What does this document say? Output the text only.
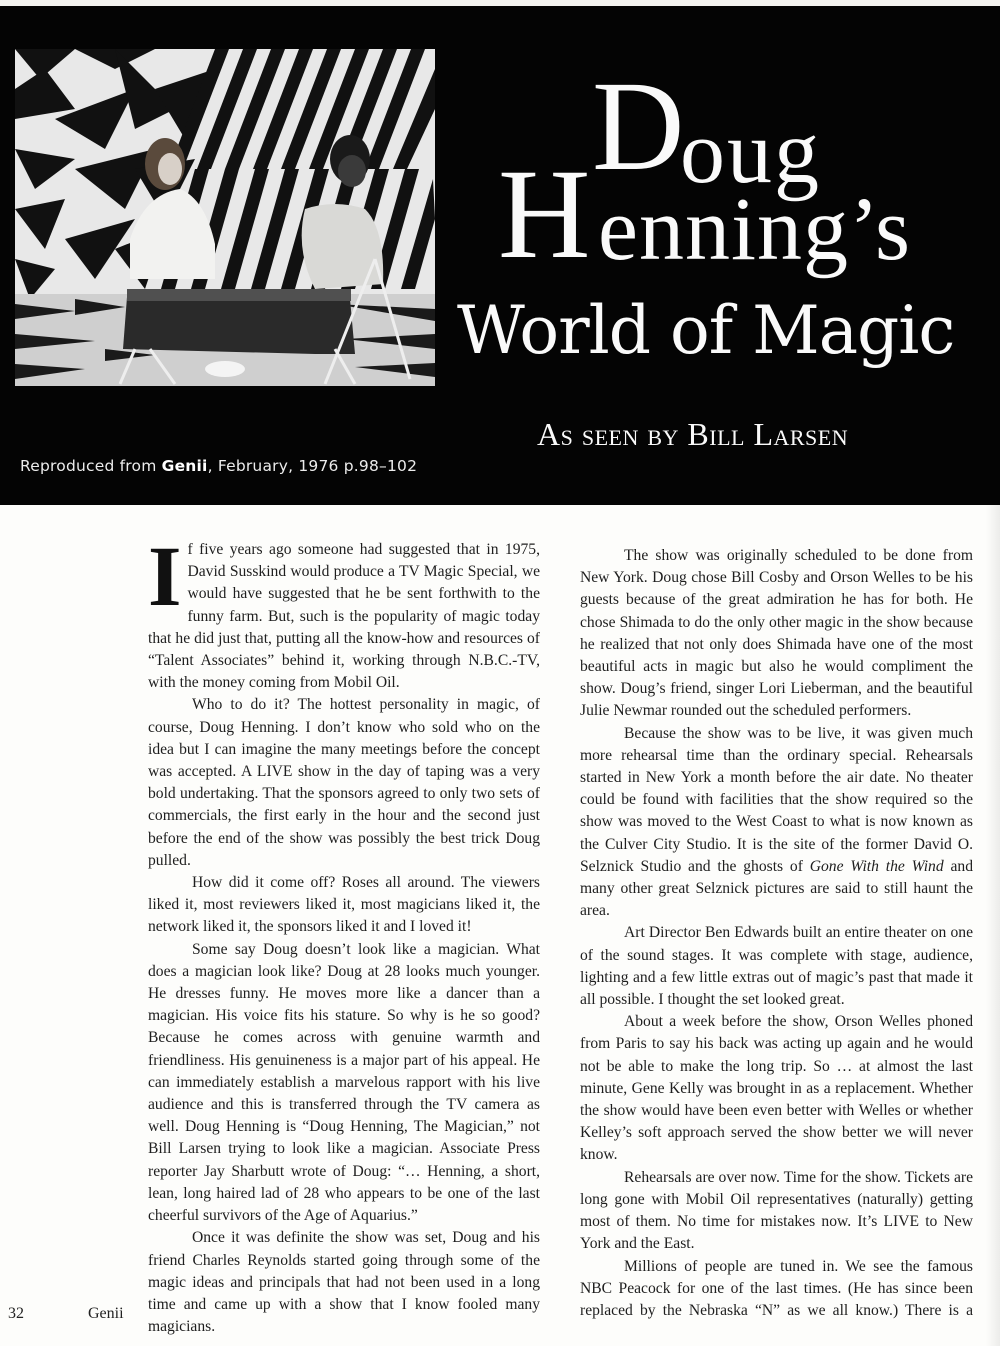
D
oug
H enning’s
World of Magic
As seen by Bill Larsen
Reproduced from Genii, February, 1976 p.98–102

If five years ago someone had suggested that in 1975, David Susskind would produce a TV Magic Special, we would have suggested that he be sent forthwith to the funny farm. But, such is the popularity of magic today that he did just that, putting all the know-how and resources of “Talent Associates” behind it, working through N.B.C.-TV, with the money coming from Mobil Oil.

Who to do it? The hottest personality in magic, of course, Doug Henning. I don’t know who sold who on the idea but I can imagine the many meetings before the concept was accepted. A LIVE show in the day of taping was a very bold undertaking. That the sponsors agreed to only two sets of commercials, the first early in the hour and the second just before the end of the show was possibly the best trick Doug pulled.

How did it come off? Roses all around. The viewers liked it, most reviewers liked it, most magicians liked it, the network liked it, the sponsors liked it and I loved it!

Some say Doug doesn’t look like a magician. What does a magician look like? Doug at 28 looks much younger. He dresses funny. He moves more like a dancer than a magician. His voice fits his stature. So why is he so good? Because he comes across with genuine warmth and friendliness. His genuineness is a major part of his appeal. He can immediately establish a marvelous rapport with his live audience and this is transferred through the TV camera as well. Doug Henning is “Doug Henning, The Magician,” not Bill Larsen trying to look like a magician. Associate Press reporter Jay Sharbutt wrote of Doug: “… Henning, a short, lean, long haired lad of 28 who appears to be one of the last cheerful survivors of the Age of Aquarius.”

Once it was definite the show was set, Doug and his friend Charles Reynolds started going through some of the magic ideas and principals that had not been used in a long time and came up with a show that I know fooled many magicians.

The show was originally scheduled to be done from New York. Doug chose Bill Cosby and Orson Welles to be his guests because of the great admiration he has for both. He chose Shimada to do the only other magic in the show because he realized that not only does Shimada have one of the most beautiful acts in magic but also he would compliment the show. Doug’s friend, singer Lori Lieberman, and the beautiful Julie Newmar rounded out the scheduled performers.

Because the show was to be live, it was given much more rehearsal time than the ordinary special. Rehearsals started in New York a month before the air date. No theater could be found with facilities that the show required so the show was moved to the West Coast to what is now known as the Culver City Studio. It is the site of the former David O. Selznick Studio and the ghosts of Gone With the Wind and many other great Selznick pictures are said to still haunt the area.

Art Director Ben Edwards built an entire theater on one of the sound stages. It was complete with stage, audience, lighting and a few little extras out of magic’s past that made it all possible. I thought the set looked great.

About a week before the show, Orson Welles phoned from Paris to say his back was acting up again and he would not be able to make the long trip. So … at almost the last minute, Gene Kelly was brought in as a replacement. Whether the show would have been even better with Welles or whether Kelley’s soft approach served the show better we will never know.

Rehearsals are over now. Time for the show. Tickets are long gone with Mobil Oil representatives (naturally) getting most of them. No time for mistakes now. It’s LIVE to New York and the East.

Millions of people are tuned in. We see the famous NBC Peacock for one of the last times. (He has since been replaced by the Nebraska “N” as we all know.) There is a

32	Genii
